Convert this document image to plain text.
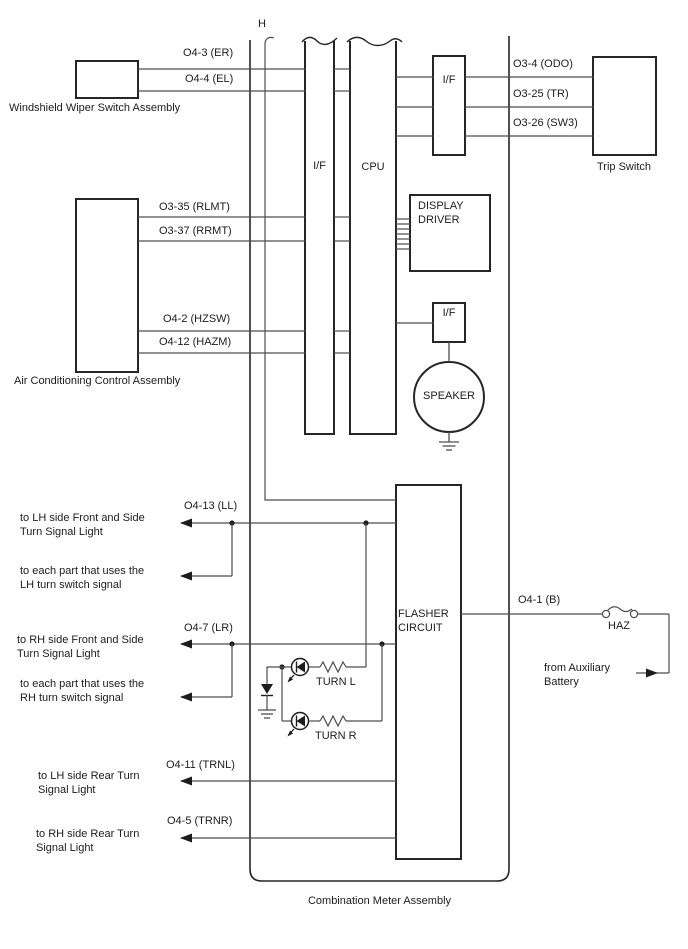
H
O4-3 (ER)
O4-4 (EL)
Windshield Wiper Switch Assembly
I/F	CPU
I/F
O3-4 (ODO)
O3-25 (TR)
O3-26 (SW3)
Trip Switch
O3-35 (RLMT)
O3-37 (RRMT)
O4-2 (HZSW)
O4-12 (HAZM)
Air Conditioning Control Assembly
DISPLAY
DRIVER
I/F
SPEAKER
O4-13 (LL)
to LH side Front and Side
Turn Signal Light
to each part that uses the
LH turn switch signal
O4-7 (LR)
to RH side Front and Side
Turn Signal Light
to each part that uses the
RH turn switch signal
TURN L
TURN R
FLASHER
CIRCUIT
O4-1 (B)
HAZ
from Auxiliary
Battery
O4-11 (TRNL)
to LH side Rear Turn
Signal Light
O4-5 (TRNR)
to RH side Rear Turn
Signal Light
Combination Meter Assembly
